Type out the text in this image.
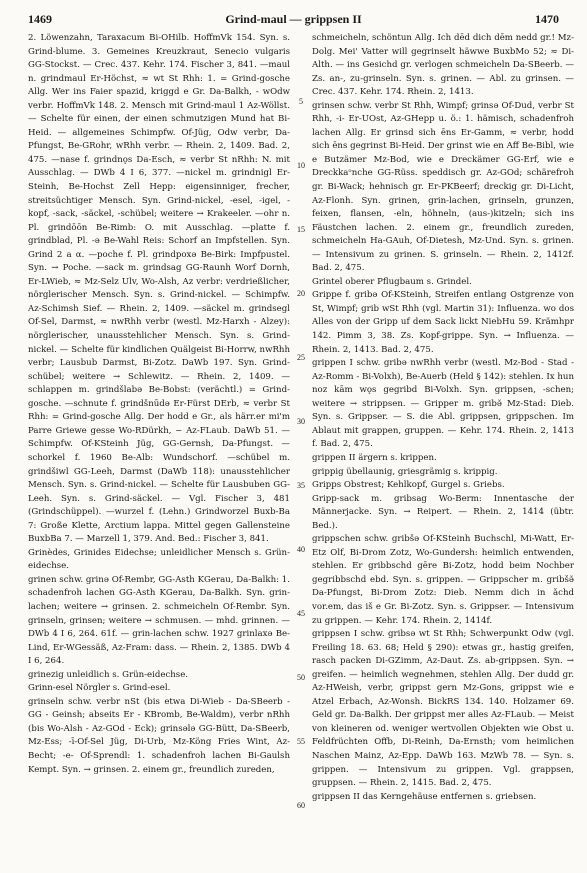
1469	Grind-maul — grippsen II	1470

2. Löwenzahn, Taraxacum Bi-OHilb. HoffmVk 154. Syn. s. Grind-blume. 3. Gemeines Kreuzkraut, Senecio vulgaris GG-Stockst. — Crec. 437. Kehr. 174. Fischer 3, 841. —maul n. grindmaul Er-Höchst, ≈ wt St Rhh: 1. = Grind-gosche Allg. Wer ins Faier spazid, kriggd e Gr. Da-Balkh, - wOdw verbr. HoffmVk 148. 2. Mensch mit Grind-maul 1 Az-Wöllst. — Schelte für einen, der einen schmutzigen Mund hat Bi-Heid. — allgemeines Schimpfw. Of-Jüg, Odw verbr, Da-Pfungst, Be-GRohr, wRhh verbr. — Rhein. 2, 1409. Bad. 2, 475. —nase f. grindnǫs Da-Esch, ≈ verbr St nRhh: N. mit Ausschlag. — DWb 4 I 6, 377. —nickel m. grindnigl Er-Steinh, Be-Hochst Zell Hepp: eigensinniger, frecher, streitsüchtiger Mensch. Syn. Grind-nickel, -esel, -igel, -kopf, -sack, -säckel, -schübel; weitere → Krakeeler. —ohr n. Pl. grindōōn Be-Rimb: O. mit Ausschlag. —platte f. grindblad, Pl. -ə Be-Wahl Reis: Schorf an Impfstellen. Syn. Grind 2 a α. —poche f. Pl. grindpoxə Be-Birk: Impfpustel. Syn. → Poche. —sack m. grindsag GG-Raunh Worf Dornh, Er-LWieb, ≈ Mz-Selz Ulv, Wo-Alsh, Az verbr: verdrießlicher, nörglerischer Mensch. Syn. s. Grind-nickel. — Schimpfw. Az-Schimsh Sief. — Rhein. 2, 1409. —säckel m. grindsegl Of-Sel, Darmst, ≈ nwRhh verbr (westl. Mz-Harxh - Alzey): nörglerischer, unausstehlicher Mensch. Syn. s. Grind-nickel. — Schelte für kindlichen Quälgeist Bi-Horrw, nwRhh verbr; Lausbub Darmst, Bi-Zotz. DaWb 197. Syn. Grind-schübel; weitere → Schlewitz. — Rhein. 2, 1409. —schlappen m. grindšlabə Be-Bobst: (verächtl.) = Grind-gosche. —schnute f. grindšnūdə Er-Fürst DErb, ≈ verbr St Rhh: = Grind-gosche Allg. Der hodd e Gr., als härr.er mi'm Parre Griewe gesse Wo-RDürkh, ~ Az-FLaub. DaWb 51. — Schimpfw. Of-KSteinh Jüg, GG-Gernsh, Da-Pfungst. —schorkel f. 1960 Be-Alb: Wundschorf. —schübel m. grindšiwl GG-Leeh, Darmst (DaWb 118): unausstehlicher Mensch. Syn. s. Grind-nickel. — Schelte für Lausbuben GG-Leeh. Syn. s. Grind-säckel. — Vgl. Fischer 3, 481 (Grindschüppel). —wurzel f. (Lehn.) Grindworzel Buxb-Ba 7: Große Klette, Arctium lappa. Mittel gegen Gallensteine BuxbBa 7. — Marzell 1, 379. And. Bed.: Fischer 3, 841.

Grinèdes, Grinides Eidechse; unleidlicher Mensch s. Grün-eidechse.

grinen schw. grinə Of-Rembr, GG-Asth KGerau, Da-Balkh: 1. schadenfroh lachen GG-Asth KGerau, Da-Balkh. Syn. grin-lachen; weitere → grinsen. 2. schmeicheln Of-Rembr. Syn. grinseln, grinsen; weitere → schmusen. — mhd. grinnen. — DWb 4 I 6, 264. 61f. — grin-lachen schw. 1927 grinlaxə Be-Lind, Er-WGessäß, Az-Fram: dass. — Rhein. 2, 1385. DWb 4 I 6, 264.

grinezig unleidlich s. Grün-eidechse.

Grinn-esel Nörgler s. Grind-esel.

grinseln schw. verbr nSt (bis etwa Di-Wieb - Da-SBeerb - GG - Geinsh; abseits Er - KBromb, Be-Waldm), verbr nRhh (bis Wo-Alsh - Az-GOd - Eck); grinsəlǝ GG-Bütt, Da-SBeerb, Mz-Ess; -ī-Of-Sel Jüg, Di-Urb, Mz-Köng Fries Wint, Az-Becht; -e- Of-Sprendl: 1. schadenfroh lachen Bi-Gaulsh Kempt. Syn. → grinsen. 2. einem gr., freundlich zureden,

5
10
15
20
25
30
35
40
45
50
55
60

schmeicheln, schöntun Allg. Ich dēd dich dēm nedd gr.! Mz-Dolg. Mei' Vatter will gegrinselt häwwe BuxbMo 52; ≈ Di-Alth. — ins Gesichd gr. verlogen schmeicheln Da-SBeerb. — Zs. an-, zu-grinseln. Syn. s. grinen. — Abl. zu grinsen. — Crec. 437. Kehr. 174. Rhein. 2, 1413.

grinsen schw. verbr St Rhh, Wimpf; grinsə Of-Dud, verbr St Rhh, -i- Er-UOst, Az-GHepp u. ö.: 1. hämisch, schadenfroh lachen Allg. Er grinsd sich ēns Er-Gamm, ≈ verbr, hodd sich ēns gegrinst Bi-Heid. Der grinst wie en Aff Be-Bibl, wie e Butzämer Mz-Bod, wie e Dreckämer GG-Erf, wie e Dreckka⁠ᵒnche GG-Rüss. speddisch gr. Az-GOd; schärefroh gr. Bi-Wack; hehnisch gr. Er-PKBeerf; dreckig gr. Di-Licht, Az-Flonh. Syn. grinen, grin-lachen, grinseln, grunzen, feixen, flansen, -eln, höhneln, (aus-)kitzeln; sich ins Fäustchen lachen. 2. einem gr., freundlich zureden, schmeicheln Ha-GAuh, Of-Dietesh, Mz-Und. Syn. s. grinen. — Intensivum zu grinen. S. grinseln. — Rhein. 2, 1412f. Bad. 2, 475.

Grintel oberer Pflugbaum s. Grindel.

Grippe f. gribə Of-KSteinh, Streifen entlang Ostgrenze von St, Wimpf; grib wSt Rhh (vgl. Martin 31): Influenza. wo dos Alles von der Gripp uf dem Sack lickt NiebHu 59. Krämhpr 142. Pimm 3, 38. Zs. Kopf-grippe. Syn. → Influenza. — Rhein. 2, 1413. Bad. 2, 475.

grippen I schw. gribə nwRhh verbr (westl. Mz-Bod - Stad - Az-Romm - Bi-Volxh), Be-Auerb (Held § 142): stehlen. Ix hun noz kām wǫs gegribd Bi-Volxh. Syn. grippsen, -schen; weitere → strippsen. — Gripper m. gribə̆ Mz-Stad: Dieb. Syn. s. Grippser. — S. die Abl. grippsen, grippschen. Im Ablaut mit grappen, gruppen. — Kehr. 174. Rhein. 2, 1413 f. Bad. 2, 475.

grippen II ärgern s. krippen.

grippig übellaunig, griesgrämig s. krippig.

Gripps Obstrest; Kehlkopf, Gurgel s. Griebs.

Gripp-sack m. gribsag Wo-Berm: Innentasche der Männerjacke. Syn. → Reipert. — Rhein. 2, 1414 (übtr. Bed.).

grippschen schw. gribšə Of-KSteinh Buchschl, Mi-Watt, Er-Etz Olf, Bi-Drom Zotz, Wo-Gundersh: heimlich entwenden, stehlen. Er gribbschd gēre Bi-Zotz, hodd beim Nochber gegribbschd ebd. Syn. s. grippen. — Grippscher m. gribšə̆ Da-Pfungst, Bi-Drom Zotz: Dieb. Nemm dich in ǎchd vor.em, das iš e Gr. Bi-Zotz. Syn. s. Grippser. — Intensivum zu grippen. — Kehr. 174. Rhein. 2, 1414f.

grippsen I schw. gribsə wt St Rhh; Schwerpunkt Odw (vgl. Freiling 18. 63. 68; Held § 290): etwas gr., hastig greifen, rasch packen Di-GZimm, Az-Daut. Zs. ab-grippsen. Syn. → greifen. — heimlich wegnehmen, stehlen Allg. Der dudd gr. Az-HWeish, verbr, grippst gern Mz-Gons, grippst wie e Atzel Erbach, Az-Wonsh. BickRS 134. 140. Holzamer 69. Geld gr. Da-Balkh. Der grippst mer alles Az-FLaub. — Meist von kleineren od. weniger wertvollen Objekten wie Obst u. Feldfrüchten Offb, Di-Reinh, Da-Ernsth; vom heimlichen Naschen Mainz, Az-Epp. DaWb 163. MzWb 78. — Syn. s. grippen. — Intensivum zu grippen. Vgl. grappsen, gruppsen. — Rhein. 2, 1415. Bad. 2, 475.

grippsen II das Kerngehäuse entfernen s. griebsen.
